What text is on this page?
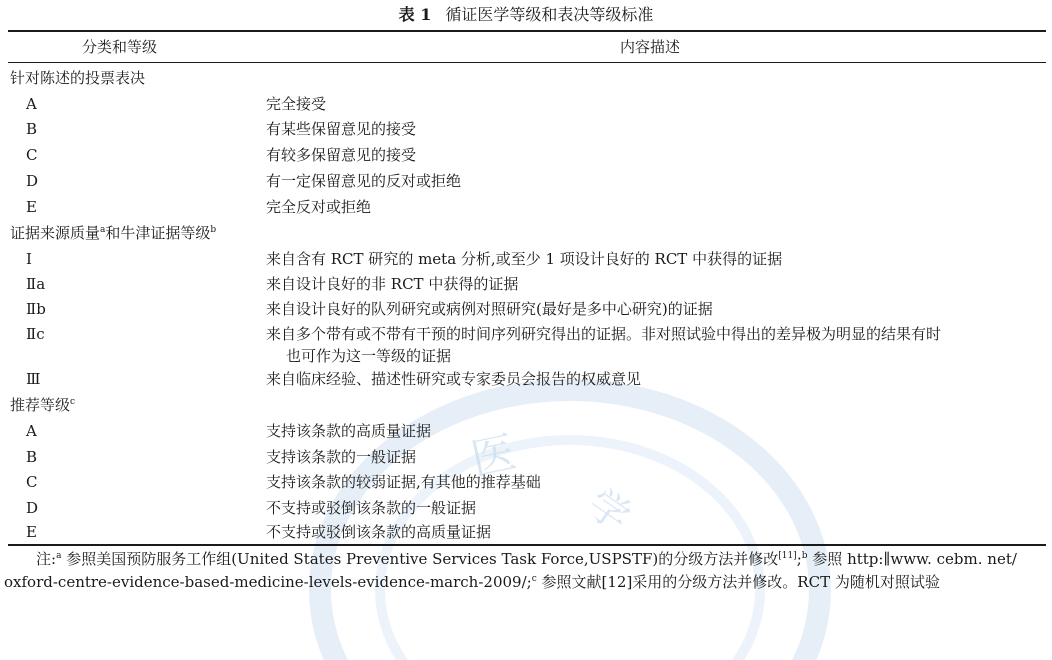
医
学
表 1 循证医学等级和表决等级标准
分类和等级	内容描述
针对陈述的投票表决
A	完全接受
B	有某些保留意见的接受
C	有较多保留意见的接受
D	有一定保留意见的反对或拒绝
E	完全反对或拒绝
证据来源质量$^a$和牛津证据等级$^b$
Ⅰ	来自含有 RCT 研究的 meta 分析,或至少 1 项设计良好的 RCT 中获得的证据
Ⅱa	来自设计良好的非 RCT 中获得的证据
Ⅱb	来自设计良好的队列研究或病例对照研究(最好是多中心研究)的证据
Ⅱc	来自多个带有或不带有干预的时间序列研究得出的证据。非对照试验中得出的差异极为明显的结果有时
也可作为这一等级的证据
Ⅲ	来自临床经验、描述性研究或专家委员会报告的权威意见
推荐等级$^c$
A	支持该条款的高质量证据
B	支持该条款的一般证据
C	支持该条款的较弱证据,有其他的推荐基础
D	不支持或驳倒该条款的一般证据
E	不支持或驳倒该条款的高质量证据
注:$^a$ 参照美国预防服务工作组(United States Preventive Services Task Force,USPSTF)的分级方法并修改[11];$^b$ 参照 http:∥www. cebm. net/
oxford-centre-evidence-based-medicine-levels-evidence-march-2009/;$^c$ 参照文献[12]采用的分级方法并修改。RCT 为随机对照试验
